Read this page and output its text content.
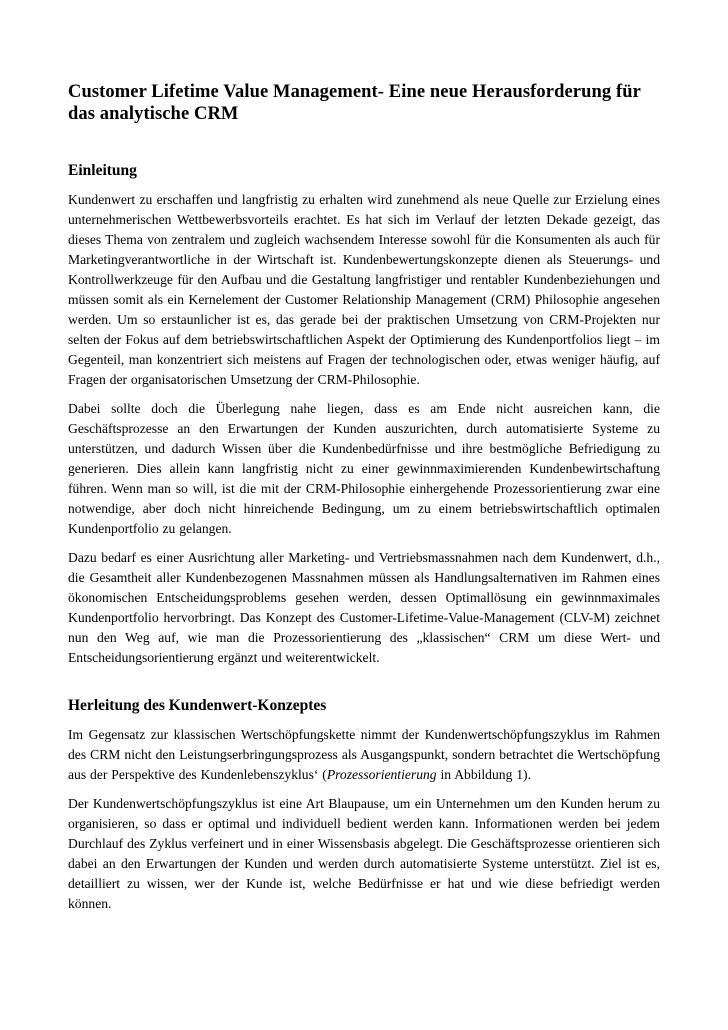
Customer Lifetime Value Management- Eine neue Herausforderung für das analytische CRM
Einleitung

Kundenwert zu erschaffen und langfristig zu erhalten wird zunehmend als neue Quelle zur Erzielung eines unternehmerischen Wettbewerbsvorteils erachtet. Es hat sich im Verlauf der letzten Dekade gezeigt, das dieses Thema von zentralem und zugleich wachsendem Interesse sowohl für die Konsumenten als auch für Marketingverantwortliche in der Wirtschaft ist. Kundenbewertungskonzepte dienen als Steuerungs- und Kontrollwerkzeuge für den Aufbau und die Gestaltung langfristiger und rentabler Kundenbeziehungen und müssen somit als ein Kernelement der Customer Relationship Management (CRM) Philosophie angesehen werden. Um so erstaunlicher ist es, das gerade bei der praktischen Umsetzung von CRM-Projekten nur selten der Fokus auf dem betriebswirtschaftlichen Aspekt der Optimierung des Kundenportfolios liegt – im Gegenteil, man konzentriert sich meistens auf Fragen der technologischen oder, etwas weniger häufig, auf Fragen der organisatorischen Umsetzung der CRM-Philosophie.

Dabei sollte doch die Überlegung nahe liegen, dass es am Ende nicht ausreichen kann, die Geschäftsprozesse an den Erwartungen der Kunden auszurichten, durch automatisierte Systeme zu unterstützen, und dadurch Wissen über die Kundenbedürfnisse und ihre bestmögliche Befriedigung zu generieren. Dies allein kann langfristig nicht zu einer gewinnmaximierenden Kundenbewirtschaftung führen. Wenn man so will, ist die mit der CRM-Philosophie einhergehende Prozessorientierung zwar eine notwendige, aber doch nicht hinreichende Bedingung, um zu einem betriebswirtschaftlich optimalen Kundenportfolio zu gelangen.

Dazu bedarf es einer Ausrichtung aller Marketing- und Vertriebsmassnahmen nach dem Kundenwert, d.h., die Gesamtheit aller Kundenbezogenen Massnahmen müssen als Handlungsalternativen im Rahmen eines ökonomischen Entscheidungsproblems gesehen werden, dessen Optimallösung ein gewinnmaximales Kundenportfolio hervorbringt. Das Konzept des Customer-Lifetime-Value-Management (CLV-M) zeichnet nun den Weg auf, wie man die Prozessorientierung des „klassischen“ CRM um diese Wert- und Entscheidungsorientierung ergänzt und weiterentwickelt.

Herleitung des Kundenwert-Konzeptes

Im Gegensatz zur klassischen Wertschöpfungskette nimmt der Kundenwertschöpfungszyklus im Rahmen des CRM nicht den Leistungserbringungsprozess als Ausgangspunkt, sondern betrachtet die Wertschöpfung aus der Perspektive des Kundenlebenszyklus‘ (Prozessorientierung in Abbildung 1).

Der Kundenwertschöpfungszyklus ist eine Art Blaupause, um ein Unternehmen um den Kunden herum zu organisieren, so dass er optimal und individuell bedient werden kann. Informationen werden bei jedem Durchlauf des Zyklus verfeinert und in einer Wissensbasis abgelegt. Die Geschäftsprozesse orientieren sich dabei an den Erwartungen der Kunden und werden durch automatisierte Systeme unterstützt. Ziel ist es, detailliert zu wissen, wer der Kunde ist, welche Bedürfnisse er hat und wie diese befriedigt werden können.
